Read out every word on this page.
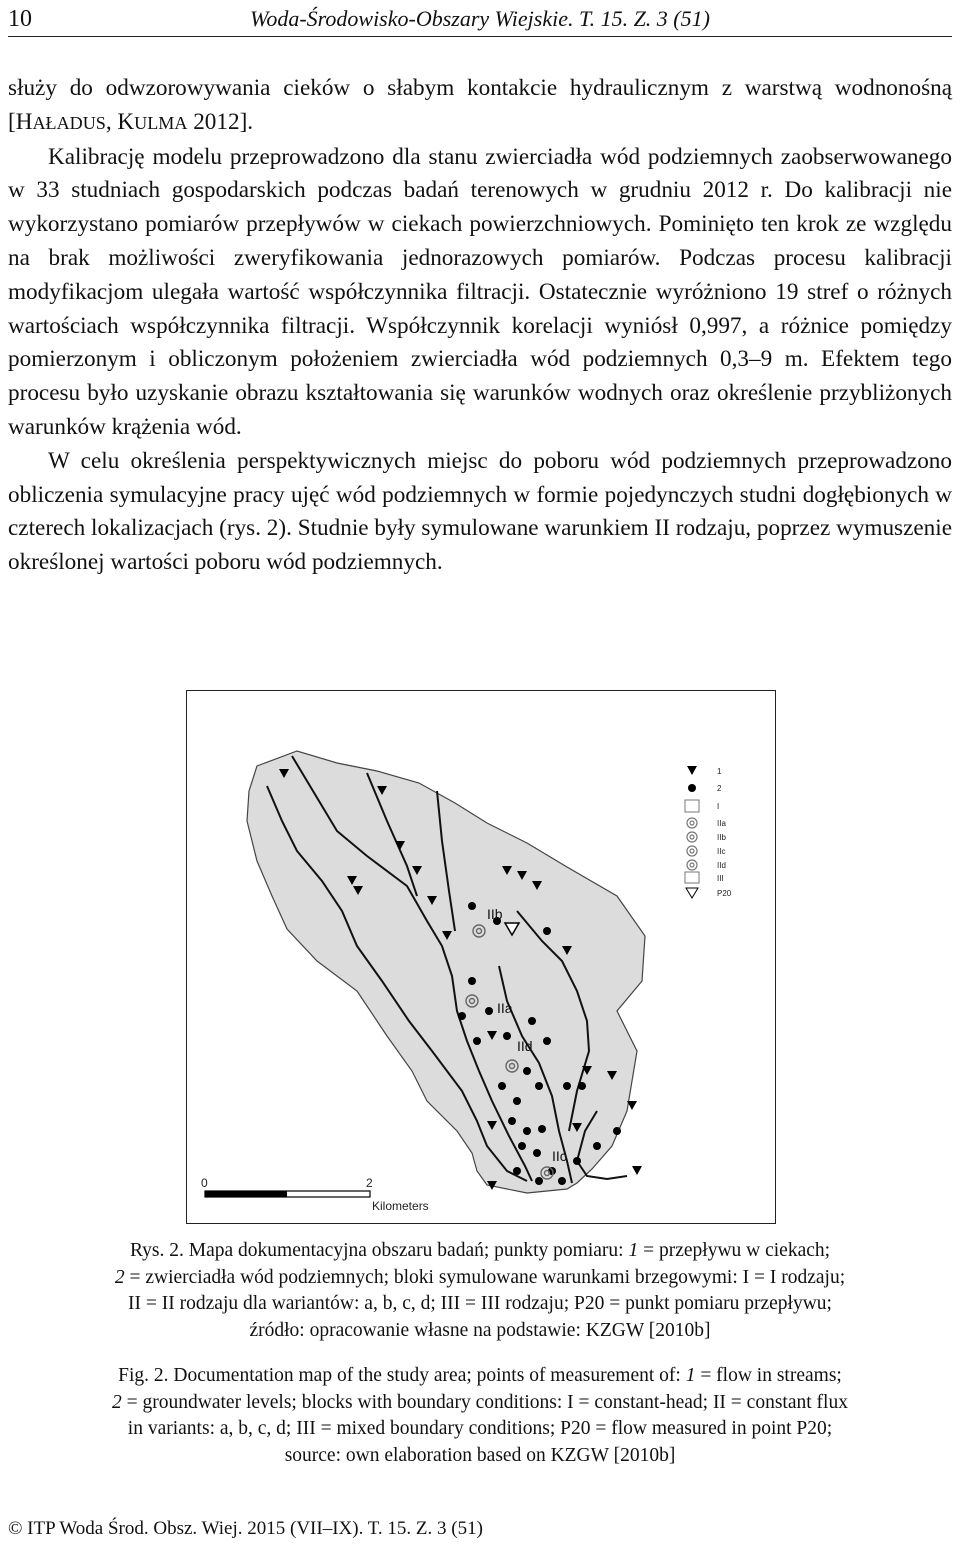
10	Woda-Środowisko-Obszary Wiejskie. T. 15. Z. 3 (51)

służy do odwzorowywania cieków o słabym kontakcie hydraulicznym z warstwą wodnonośną [HAŁADUS, KULMA 2012].

Kalibrację modelu przeprowadzono dla stanu zwierciadła wód podziemnych zaobserwowanego w 33 studniach gospodarskich podczas badań terenowych w grudniu 2012 r. Do kalibracji nie wykorzystano pomiarów przepływów w ciekach powierzchniowych. Pominięto ten krok ze względu na brak możliwości zweryfikowania jednorazowych pomiarów. Podczas procesu kalibracji modyfikacjom ulegała wartość współczynnika filtracji. Ostatecznie wyróżniono 19 stref o różnych wartościach współczynnika filtracji. Współczynnik korelacji wyniósł 0,997, a różnice pomiędzy pomierzonym i obliczonym położeniem zwierciadła wód podziemnych 0,3–9 m. Efektem tego procesu było uzyskanie obrazu kształtowania się warunków wodnych oraz określenie przybliżonych warunków krążenia wód.

W celu określenia perspektywicznych miejsc do poboru wód podziemnych przeprowadzono obliczenia symulacyjne pracy ujęć wód podziemnych w formie pojedynczych studni dogłębionych w czterech lokalizacjach (rys. 2). Studnie były symulowane warunkiem II rodzaju, poprzez wymuszenie określonej wartości poboru wód podziemnych.

IIb
IIa
IId
IIc
1
2
I
IIa
IIb
IIc
IId
III
P20
0	2
Kilometers
Rys. 2. Mapa dokumentacyjna obszaru badań; punkty pomiaru: 1 = przepływu w ciekach;
2 = zwierciadła wód podziemnych; bloki symulowane warunkami brzegowymi: I = I rodzaju;
II = II rodzaju dla wariantów: a, b, c, d; III = III rodzaju; P20 = punkt pomiaru przepływu;
źródło: opracowanie własne na podstawie: KZGW [2010b]
Fig. 2. Documentation map of the study area; points of measurement of: 1 = flow in streams;
2 = groundwater levels; blocks with boundary conditions: I = constant-head; II = constant flux
in variants: a, b, c, d; III = mixed boundary conditions; P20 = flow measured in point P20;
source: own elaboration based on KZGW [2010b]
© ITP Woda Środ. Obsz. Wiej. 2015 (VII–IX). T. 15. Z. 3 (51)
